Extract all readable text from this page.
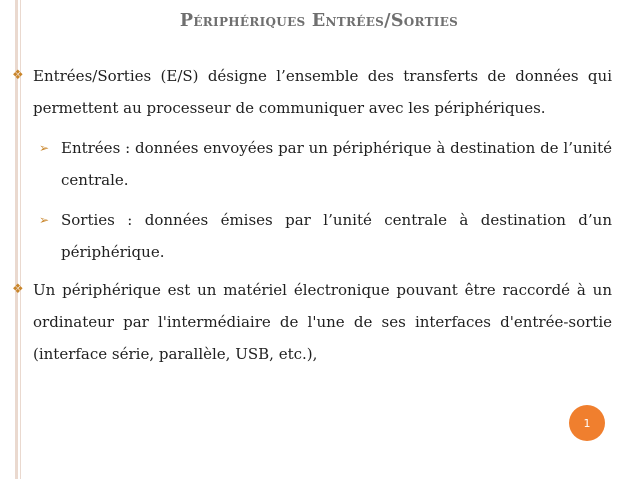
Périphériques Entrées/Sorties
❖ Entrées/Sorties (E/S) désigne l’ensemble des transferts de données qui permettent au processeur de communiquer avec les périphériques.
➢ Entrées : données envoyées par un périphérique à destination de l’unité centrale.
➢ Sorties : données émises par l’unité centrale à destination d’un périphérique.
❖ Un périphérique est un matériel électronique pouvant être raccordé à un ordinateur par l'intermédiaire de l'une de ses interfaces d'entrée-sortie (interface série, parallèle, USB, etc.),
1
